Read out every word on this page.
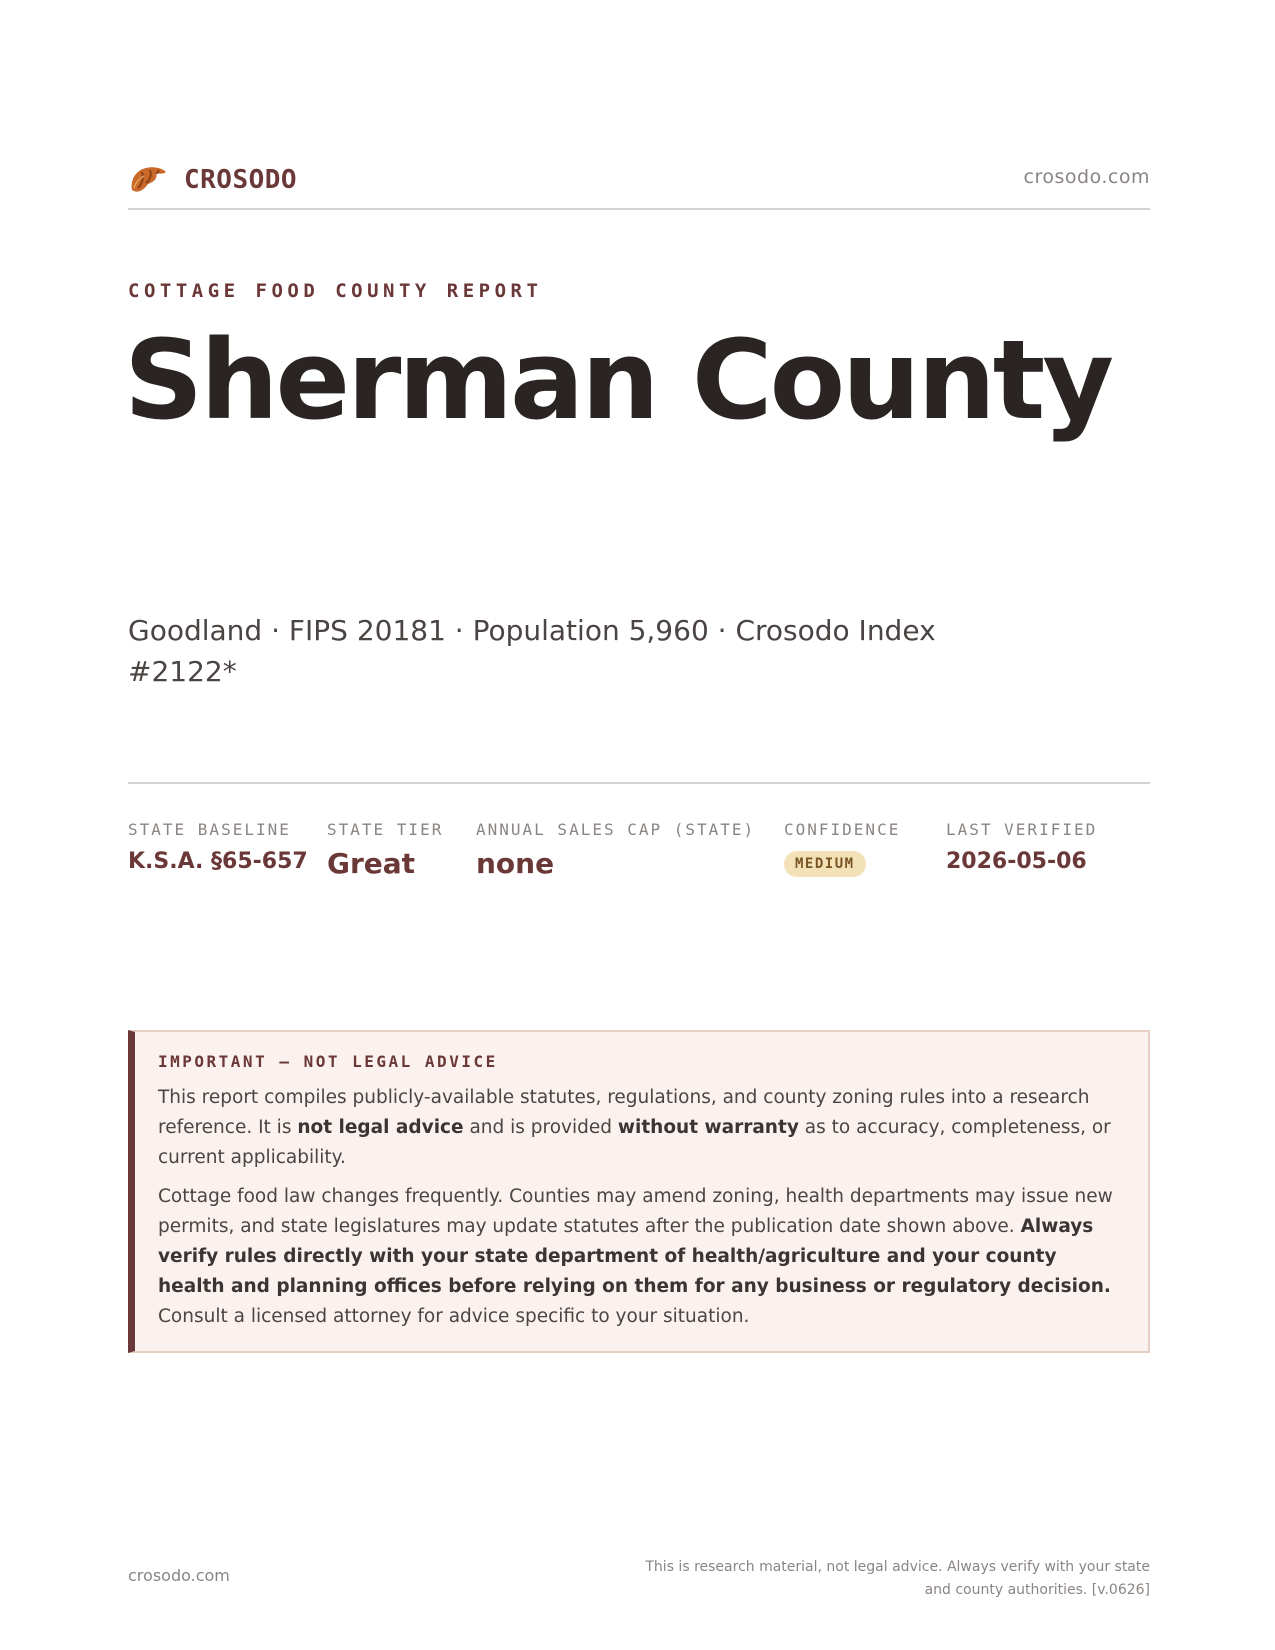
CROSODO	crosodo.com
COTTAGE FOOD COUNTY REPORT
Sherman County
Goodland · FIPS 20181 · Population 5,960 · Crosodo Index #2122*
STATE BASELINE
K.S.A. §65-657
STATE TIER
Great
ANNUAL SALES CAP (STATE)
none
CONFIDENCE
MEDIUM
LAST VERIFIED
2026-05-06
IMPORTANT — NOT LEGAL ADVICE

This report compiles publicly-available statutes, regulations, and county zoning rules into a research reference. It is not legal advice and is provided without warranty as to accuracy, completeness, or current applicability.

Cottage food law changes frequently. Counties may amend zoning, health departments may issue new permits, and state legislatures may update statutes after the publication date shown above. Always verify rules directly with your state department of health/agriculture and your county health and planning offices before relying on them for any business or regulatory decision. Consult a licensed attorney for advice specific to your situation.

crosodo.com	This is research material, not legal advice. Always verify with your state
and county authorities. [v.0626]
